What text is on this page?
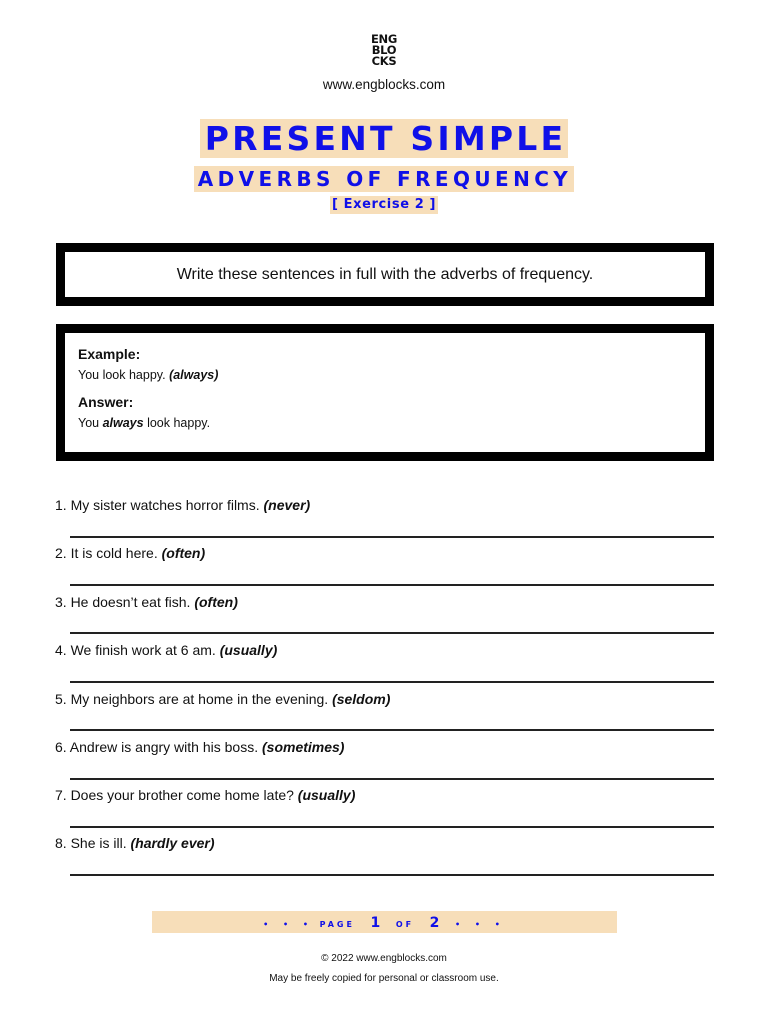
ENG
BLO
CKS
www.engblocks.com
PRESENT SIMPLE
ADVERBS OF FREQUENCY
[ Exercise 2 ]
Write these sentences in full with the adverbs of frequency.

Example:

You look happy. (always)

Answer:

You always look happy.

1. My sister watches horror films. (never)
2. It is cold here. (often)
3. He doesn’t eat fish. (often)
4. We finish work at 6 am. (usually)
5. My neighbors are at home in the evening. (seldom)
6. Andrew is angry with his boss. (sometimes)
7. Does your brother come home late? (usually)
8. She is ill. (hardly ever)
• • • PAGE 1 OF 2 • • •
© 2022 www.engblocks.com
May be freely copied for personal or classroom use.
